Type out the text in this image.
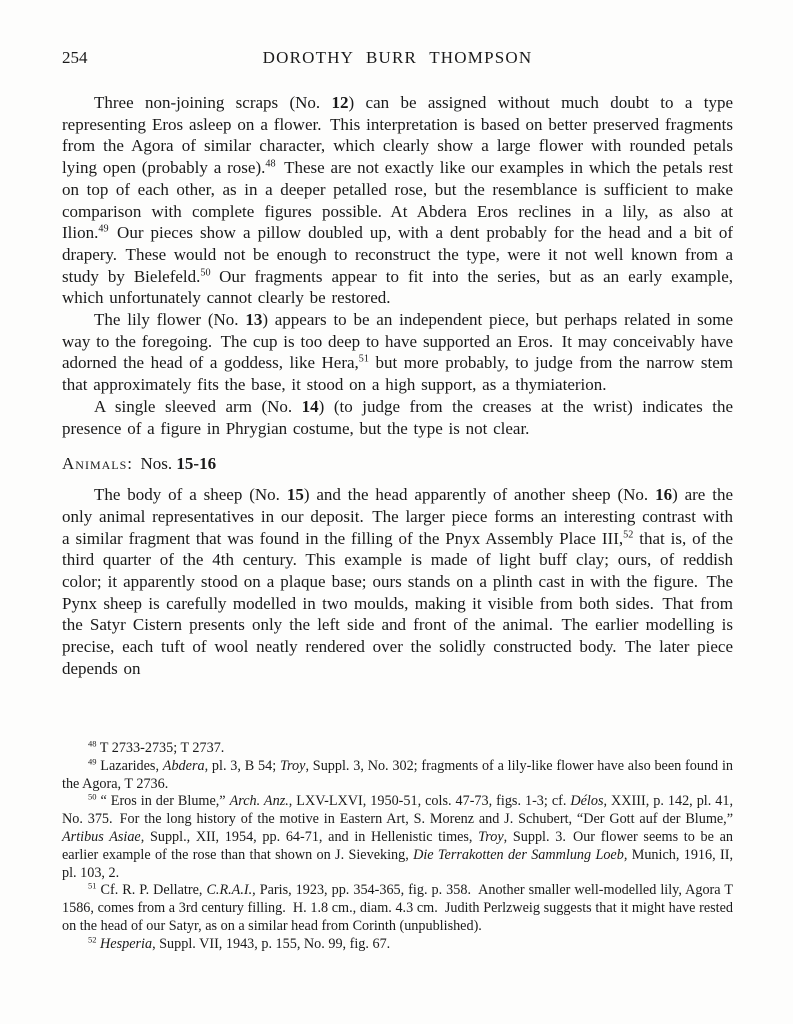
254	DOROTHY BURR THOMPSON

Three non-joining scraps (No. 12) can be assigned without much doubt to a type representing Eros asleep on a flower. This interpretation is based on better preserved fragments from the Agora of similar character, which clearly show a large flower with rounded petals lying open (probably a rose).$^{48}$ These are not exactly like our examples in which the petals rest on top of each other, as in a deeper petalled rose, but the resemblance is sufficient to make comparison with complete figures possible. At Abdera Eros reclines in a lily, as also at Ilion.$^{49}$ Our pieces show a pillow doubled up, with a dent probably for the head and a bit of drapery. These would not be enough to reconstruct the type, were it not well known from a study by Bielefeld.$^{50}$ Our fragments appear to fit into the series, but as an early example, which unfortunately cannot clearly be restored.

The lily flower (No. 13) appears to be an independent piece, but perhaps related in some way to the foregoing. The cup is too deep to have supported an Eros. It may conceivably have adorned the head of a goddess, like Hera,$^{51}$ but more probably, to judge from the narrow stem that approximately fits the base, it stood on a high support, as a thymiaterion.

A single sleeved arm (No. 14) (to judge from the creases at the wrist) indicates the presence of a figure in Phrygian costume, but the type is not clear.

Animals: Nos. 15-16

The body of a sheep (No. 15) and the head apparently of another sheep (No. 16) are the only animal representatives in our deposit. The larger piece forms an interesting contrast with a similar fragment that was found in the filling of the Pnyx Assembly Place III,$^{52}$ that is, of the third quarter of the 4th century. This example is made of light buff clay; ours, of reddish color; it apparently stood on a plaque base; ours stands on a plinth cast in with the figure. The Pynx sheep is carefully modelled in two moulds, making it visible from both sides. That from the Satyr Cistern presents only the left side and front of the animal. The earlier modelling is precise, each tuft of wool neatly rendered over the solidly constructed body. The later piece depends on

$^{48}$ T 2733-2735; T 2737.

$^{49}$ Lazarides, Abdera, pl. 3, B 54; Troy, Suppl. 3, No. 302; fragments of a lily-like flower have also been found in the Agora, T 2736.

$^{50}$ “ Eros in der Blume,” Arch. Anz., LXV-LXVI, 1950-51, cols. 47-73, figs. 1-3; cf. Délos, XXIII, p. 142, pl. 41, No. 375. For the long history of the motive in Eastern Art, S. Morenz and J. Schubert, “Der Gott auf der Blume,” Artibus Asiae, Suppl., XII, 1954, pp. 64-71, and in Hellenistic times, Troy, Suppl. 3. Our flower seems to be an earlier example of the rose than that shown on J. Sieveking, Die Terrakotten der Sammlung Loeb, Munich, 1916, II, pl. 103, 2.

$^{51}$ Cf. R. P. Dellatre, C.R.A.I., Paris, 1923, pp. 354-365, fig. p. 358. Another smaller well-modelled lily, Agora T 1586, comes from a 3rd century filling. H. 1.8 cm., diam. 4.3 cm. Judith Perlzweig suggests that it might have rested on the head of our Satyr, as on a similar head from Corinth (unpublished).

$^{52}$ Hesperia, Suppl. VII, 1943, p. 155, No. 99, fig. 67.
